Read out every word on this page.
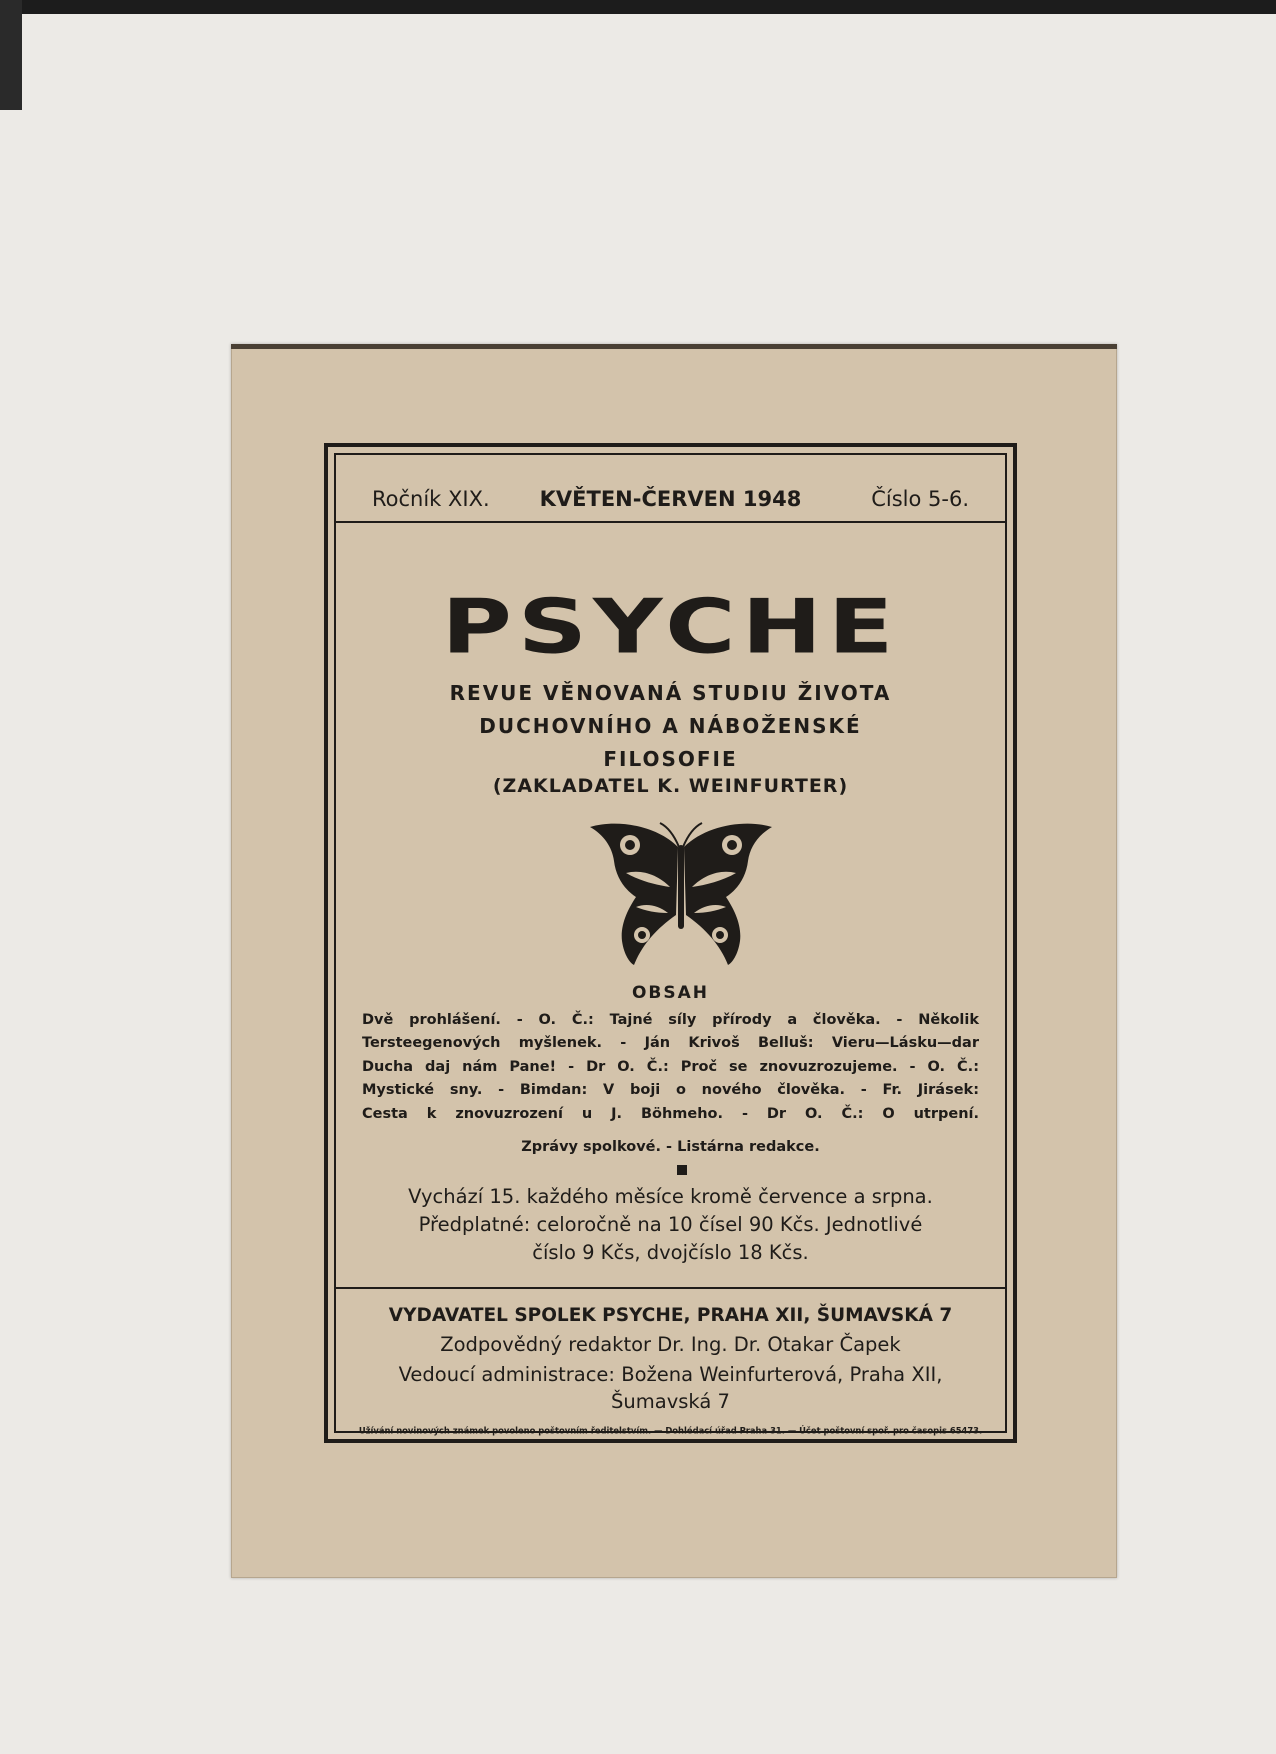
Ročník XIX.	KVĚTEN-ČERVEN 1948	Číslo 5-6.
PSYCHE
REVUE VĚNOVANÁ STUDIU ŽIVOTA
DUCHOVNÍHO A NÁBOŽENSKÉ
FILOSOFIE
(ZAKLADATEL K. WEINFURTER)
OBSAH
Dvě prohlášení. - O. Č.: Tajné síly přírody a člověka. - Několik
Tersteegenových myšlenek. - Ján Krivoš Belluš: Vieru—Lásku—dar
Ducha daj nám Pane! - Dr O. Č.: Proč se znovuzrozujeme. - O. Č.:
Mystické sny. - Bimdan: V boji o nového člověka. - Fr. Jirásek:
Cesta k znovuzrození u J. Böhmeho. - Dr O. Č.: O utrpení.
Zprávy spolkové. - Listárna redakce.
Vychází 15. každého měsíce kromě července a srpna.
Předplatné: celoročně na 10 čísel 90 Kčs. Jednotlivé
číslo 9 Kčs, dvojčíslo 18 Kčs.
VYDAVATEL SPOLEK PSYCHE, PRAHA XII, ŠUMAVSKÁ 7
Zodpovědný redaktor Dr. Ing. Dr. Otakar Čapek
Vedoucí administrace: Božena Weinfurterová, Praha XII,
Šumavská 7
Užívání novinových známek povoleno poštovním ředitelstvím. — Dohlédací úřad Praha 31. — Účet poštovní spoř. pro časopis 65473.
